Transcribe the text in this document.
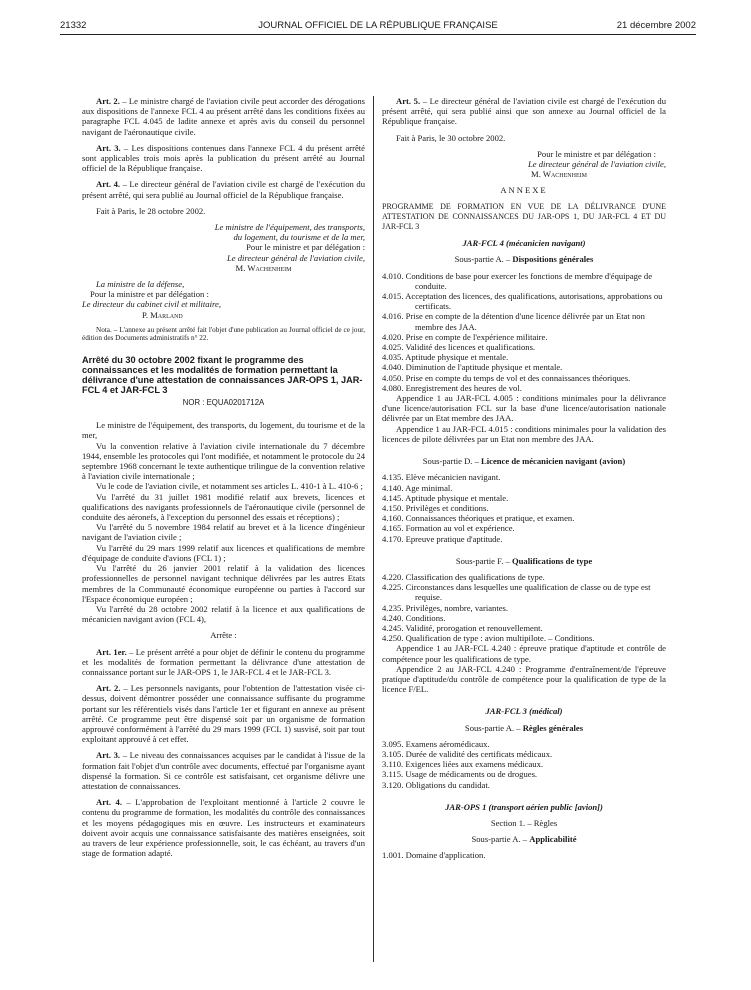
21332	JOURNAL OFFICIEL DE LA RÉPUBLIQUE FRANÇAISE	21 décembre 2002

Art. 2. – Le ministre chargé de l'aviation civile peut accorder des dérogations aux dispositions de l'annexe FCL 4 au présent arrêté dans les conditions fixées au paragraphe FCL 4.045 de ladite annexe et après avis du conseil du personnel navigant de l'aéronautique civile.

Art. 3. – Les dispositions contenues dans l'annexe FCL 4 du présent arrêté sont applicables trois mois après la publication du présent arrêté au Journal officiel de la République française.

Art. 4. – Le directeur général de l'aviation civile est chargé de l'exécution du présent arrêté, qui sera publié au Journal officiel de la République française.

Fait à Paris, le 28 octobre 2002.

Le ministre de l'équipement, des transports,

du logement, du tourisme et de la mer,

Pour le ministre et par délégation :

Le directeur général de l'aviation civile,

M. Wachenheim

La ministre de la défense,

Pour la ministre et par délégation :

Le directeur du cabinet civil et militaire,

P. Marland

Nota. – L'annexe au présent arrêté fait l'objet d'une publication au Journal officiel de ce jour, édition des Documents administratifs n° 22.

Arrêté du 30 octobre 2002 fixant le programme des connaissances et les modalités de formation permettant la délivrance d'une attestation de connaissances JAR-OPS 1, JAR-FCL 4 et JAR-FCL 3

NOR : EQUA0201712A

Le ministre de l'équipement, des transports, du logement, du tourisme et de la mer,

Vu la convention relative à l'aviation civile internationale du 7 décembre 1944, ensemble les protocoles qui l'ont modifiée, et notamment le protocole du 24 septembre 1968 concernant le texte authentique trilingue de la convention relative à l'aviation civile internationale ;

Vu le code de l'aviation civile, et notamment ses articles L. 410-1 à L. 410-6 ;

Vu l'arrêté du 31 juillet 1981 modifié relatif aux brevets, licences et qualifications des navigants professionnels de l'aéronautique civile (personnel de conduite des aéronefs, à l'exception du personnel des essais et réceptions) ;

Vu l'arrêté du 5 novembre 1984 relatif au brevet et à la licence d'ingénieur navigant de l'aviation civile ;

Vu l'arrêté du 29 mars 1999 relatif aux licences et qualifications de membre d'équipage de conduite d'avions (FCL 1) ;

Vu l'arrêté du 26 janvier 2001 relatif à la validation des licences professionnelles de personnel navigant technique délivrées par les autres Etats membres de la Communauté économique européenne ou parties à l'accord sur l'Espace économique européen ;

Vu l'arrêté du 28 octobre 2002 relatif à la licence et aux qualifications de mécanicien navigant avion (FCL 4),

Arrête :

Art. 1er. – Le présent arrêté a pour objet de définir le contenu du programme et les modalités de formation permettant la délivrance d'une attestation de connaissance portant sur le JAR-OPS 1, le JAR-FCL 4 et le JAR-FCL 3.

Art. 2. – Les personnels navigants, pour l'obtention de l'attestation visée ci-dessus, doivent démontrer posséder une connaissance suffisante du programme portant sur les référentiels visés dans l'article 1er et figurant en annexe au présent arrêté. Ce programme peut être dispensé soit par un organisme de formation approuvé conformément à l'arrêté du 29 mars 1999 (FCL 1) susvisé, soit par tout exploitant approuvé à cet effet.

Art. 3. – Le niveau des connaissances acquises par le candidat à l'issue de la formation fait l'objet d'un contrôle avec documents, effectué par l'organisme ayant dispensé la formation. Si ce contrôle est satisfaisant, cet organisme délivre une attestation de connaissances.

Art. 4. – L'approbation de l'exploitant mentionné à l'article 2 couvre le contenu du programme de formation, les modalités du contrôle des connaissances et les moyens pédagogiques mis en œuvre. Les instructeurs et examinateurs doivent avoir acquis une connaissance satisfaisante des matières enseignées, soit au travers de leur expérience professionnelle, soit, le cas échéant, au travers d'un stage de formation adapté.

Art. 5. – Le directeur général de l'aviation civile est chargé de l'exécution du présent arrêté, qui sera publié ainsi que son annexe au Journal officiel de la République française.

Fait à Paris, le 30 octobre 2002.

Pour le ministre et par délégation :

Le directeur général de l'aviation civile,

M. Wachenheim

ANNEXE

PROGRAMME DE FORMATION EN VUE DE LA DÉLIVRANCE D'UNE ATTESTATION DE CONNAISSANCES DU JAR-OPS 1, DU JAR-FCL 4 ET DU JAR-FCL 3

JAR-FCL 4 (mécanicien navigant)

Sous-partie A. – Dispositions générales

4.010. Conditions de base pour exercer les fonctions de membre d'équipage de conduite.

4.015. Acceptation des licences, des qualifications, autorisations, approbations ou certificats.

4.016. Prise en compte de la détention d'une licence délivrée par un Etat non membre des JAA.

4.020. Prise en compte de l'expérience militaire.

4.025. Validité des licences et qualifications.

4.035. Aptitude physique et mentale.

4.040. Diminution de l'aptitude physique et mentale.

4.050. Prise en compte du temps de vol et des connaissances théoriques.

4.080. Enregistrement des heures de vol.

Appendice 1 au JAR-FCL 4.005 : conditions minimales pour la délivrance d'une licence/autorisation FCL sur la base d'une licence/autorisation nationale délivrée par un Etat membre des JAA.

Appendice 1 au JAR-FCL 4.015 : conditions minimales pour la validation des licences de pilote délivrées par un Etat non membre des JAA.

Sous-partie D. – Licence de mécanicien navigant (avion)

4.135. Elève mécanicien navigant.

4.140. Age minimal.

4.145. Aptitude physique et mentale.

4.150. Privilèges et conditions.

4.160. Connaissances théoriques et pratique, et examen.

4.165. Formation au vol et expérience.

4.170. Epreuve pratique d'aptitude.

Sous-partie F. – Qualifications de type

4.220. Classification des qualifications de type.

4.225. Circonstances dans lesquelles une qualification de classe ou de type est requise.

4.235. Privilèges, nombre, variantes.

4.240. Conditions.

4.245. Validité, prorogation et renouvellement.

4.250. Qualification de type : avion multipilote. – Conditions.

Appendice 1 au JAR-FCL 4.240 : épreuve pratique d'aptitude et contrôle de compétence pour les qualifications de type.

Appendice 2 au JAR-FCL 4.240 : Programme d'entraînement/de l'épreuve pratique d'aptitude/du contrôle de compétence pour la qualification de type de la licence F/EL.

JAR-FCL 3 (médical)

Sous-partie A. – Règles générales

3.095. Examens aéromédicaux.

3.105. Durée de validité des certificats médicaux.

3.110. Exigences liées aux examens médicaux.

3.115. Usage de médicaments ou de drogues.

3.120. Obligations du candidat.

JAR-OPS 1 (transport aérien public [avion])

Section 1. – Règles

Sous-partie A. – Applicabilité

1.001. Domaine d'application.
